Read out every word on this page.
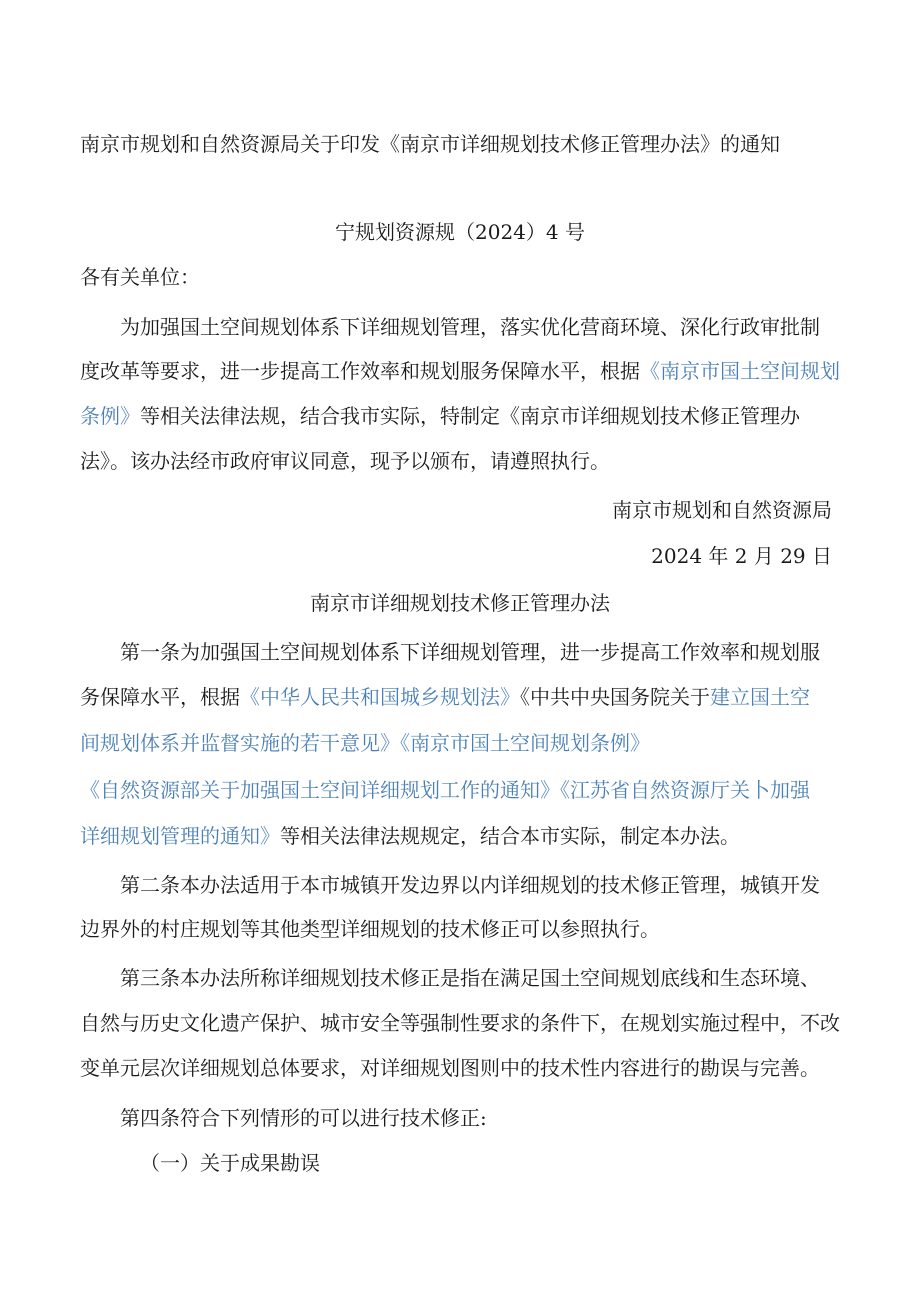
南京市规划和自然资源局关于印发《南京市详细规划技术修正管理办法》的通知
宁规划资源规（2024）4 号
各有关单位：
为加强国土空间规划体系下详细规划管理，落实优化营商环境、深化行政审批制
度改革等要求，进一步提高工作效率和规划服务保障水平，根据《南京市国土空间规划
条例》等相关法律法规，结合我市实际，特制定《南京市详细规划技术修正管理办
法》。该办法经市政府审议同意，现予以颁布，请遵照执行。
南京市规划和自然资源局
2024 年 2 月 29 日
南京市详细规划技术修正管理办法
第一条为加强国土空间规划体系下详细规划管理，进一步提高工作效率和规划服
务保障水平，根据《中华人民共和国城乡规划法》《中共中央国务院关于建立国土空
间规划体系并监督实施的若干意见》《南京市国土空间规划条例》
《自然资源部关于加强国土空间详细规划工作的通知》《江苏省自然资源厅关卜加强
详细规划管理的通知》等相关法律法规规定，结合本市实际，制定本办法。
第二条本办法适用于本市城镇开发边界以内详细规划的技术修正管理，城镇开发
边界外的村庄规划等其他类型详细规划的技术修正可以参照执行。
第三条本办法所称详细规划技术修正是指在满足国土空间规划底线和生态环境、
自然与历史文化遗产保护、城市安全等强制性要求的条件下，在规划实施过程中，不改
变单元层次详细规划总体要求，对详细规划图则中的技术性内容进行的勘误与完善。
第四条符合下列情形的可以进行技术修正:
（一）关于成果勘误
